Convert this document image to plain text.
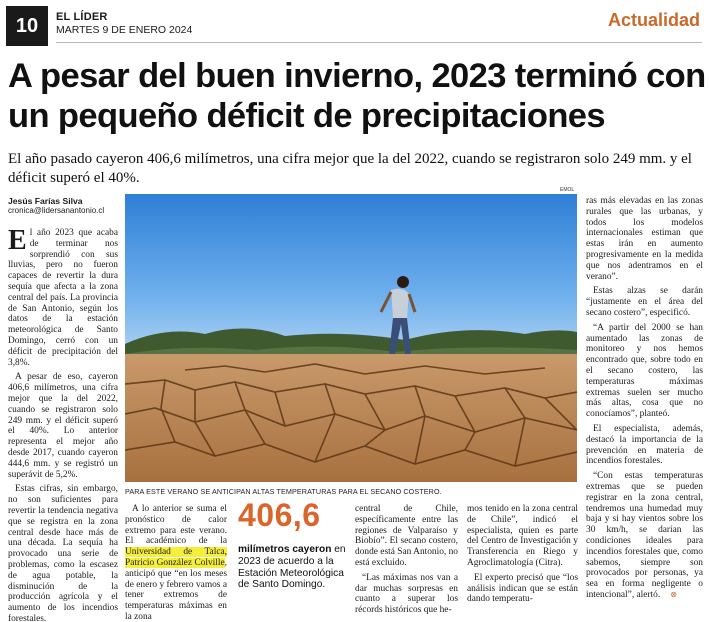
10	EL LÍDER
MARTES 9 DE ENERO 2024	Actualidad
A pesar del buen invierno, 2023 terminó con un pequeño déficit de precipitaciones
El año pasado cayeron 406,6 milímetros, una cifra mejor que la del 2022, cuando se registraron solo 249 mm. y el déficit superó el 40%.
Jesús Farías Silva
cronica@lidersanantonio.cl
EMOL
PARA ESTE VERANO SE ANTICIPAN ALTAS TEMPERATURAS PARA EL SECANO COSTERO.

El año 2023 que acaba de terminar nos sorprendió con sus lluvias, pero no fueron capaces de revertir la dura sequía que afecta a la zona central del país. La provincia de San Antonio, según los datos de la estación meteorológica de Santo Domingo, cerró con un déficit de precipitación del 3,8%.

A pesar de eso, cayeron 406,6 milímetros, una cifra mejor que la del 2022, cuando se registraron solo 249 mm. y el déficit superó el 40%. Lo anterior representa el mejor año desde 2017, cuando cayeron 444,6 mm. y se registró un superávit de 5,2%.

Estas cifras, sin embargo, no son suficientes para revertir la tendencia negativa que se registra en la zona central desde hace más de una década. La sequía ha provocado una serie de problemas, como la escasez de agua potable, la disminución de la producción agrícola y el aumento de los incendios forestales.

A lo anterior se suma el pronóstico de calor extremo para este verano. El académico de la Universidad de Talca, Patricio González Colville, anticipó que “en los meses de enero y febrero vamos a tener extremos de temperaturas máximas en la zona

406,6
milímetros cayeron en 2023 de acuerdo a la Estación Meteorológica de Santo Domingo.

central de Chile, específicamente entre las regiones de Valparaíso y Biobío”. El secano costero, donde está San Antonio, no está excluido.

“Las máximas nos van a dar muchas sorpresas en cuanto a superar los récords históricos que he-

mos tenido en la zona central de Chile”, indicó el especialista, quien es parte del Centro de Investigación y Transferencia en Riego y Agroclimatología (Citra).

El experto precisó que “los análisis indican que se están dando temperatu-

ras más elevadas en las zonas rurales que las urbanas, y todos los modelos internacionales estiman que estas irán en aumento progresivamente en la medida que nos adentramos en el verano”.

Estas alzas se darán “justamente en el área del secano costero”, especificó.

“A partir del 2000 se han aumentado las zonas de monitoreo y nos hemos encontrado que, sobre todo en el secano costero, las temperaturas máximas extremas suelen ser mucho más altas, cosa que no conocíamos”, planteó.

El especialista, además, destacó la importancia de la prevención en materia de incendios forestales.

“Con estas temperaturas extremas que se pueden registrar en la zona central, tendremos una humedad muy baja y si hay vientos sobre los 30 km/h, se darían las condiciones ideales para incendios forestales que, como sabemos, siempre son provocados por personas, ya sea en forma negligente o intencional”, alertó. ⊗
